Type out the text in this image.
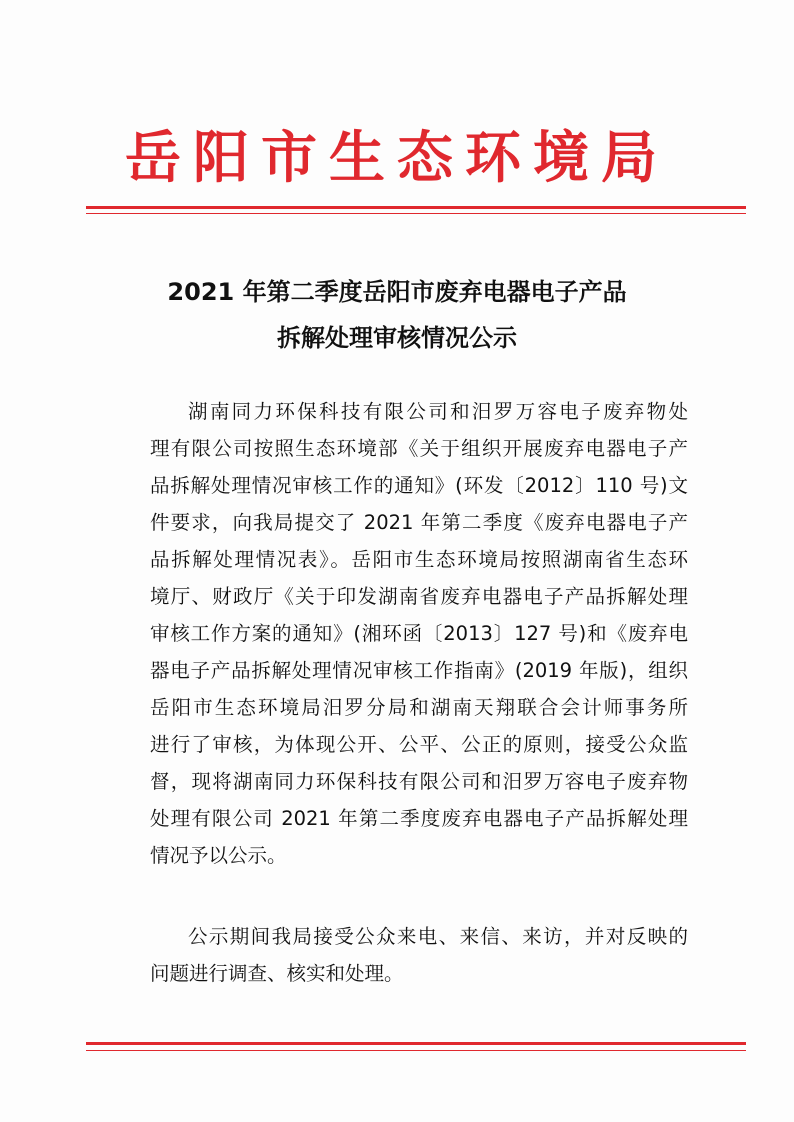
岳阳市生态环境局
2021 年第二季度岳阳市废弃电器电子产品
拆解处理审核情况公示
湖南同力环保科技有限公司和汨罗万容电子废弃物处
理有限公司按照生态环境部《关于组织开展废弃电器电子产
品拆解处理情况审核工作的通知》(环发〔2012〕110 号)文
件要求，向我局提交了 2021 年第二季度《废弃电器电子产
品拆解处理情况表》。岳阳市生态环境局按照湖南省生态环
境厅、财政厅《关于印发湖南省废弃电器电子产品拆解处理
审核工作方案的通知》(湘环函〔2013〕127 号)和《废弃电
器电子产品拆解处理情况审核工作指南》(2019 年版)，组织
岳阳市生态环境局汨罗分局和湖南天翔联合会计师事务所
进行了审核，为体现公开、公平、公正的原则，接受公众监
督，现将湖南同力环保科技有限公司和汨罗万容电子废弃物
处理有限公司 2021 年第二季度废弃电器电子产品拆解处理
情况予以公示。
公示期间我局接受公众来电、来信、来访，并对反映的
问题进行调查、核实和处理。
